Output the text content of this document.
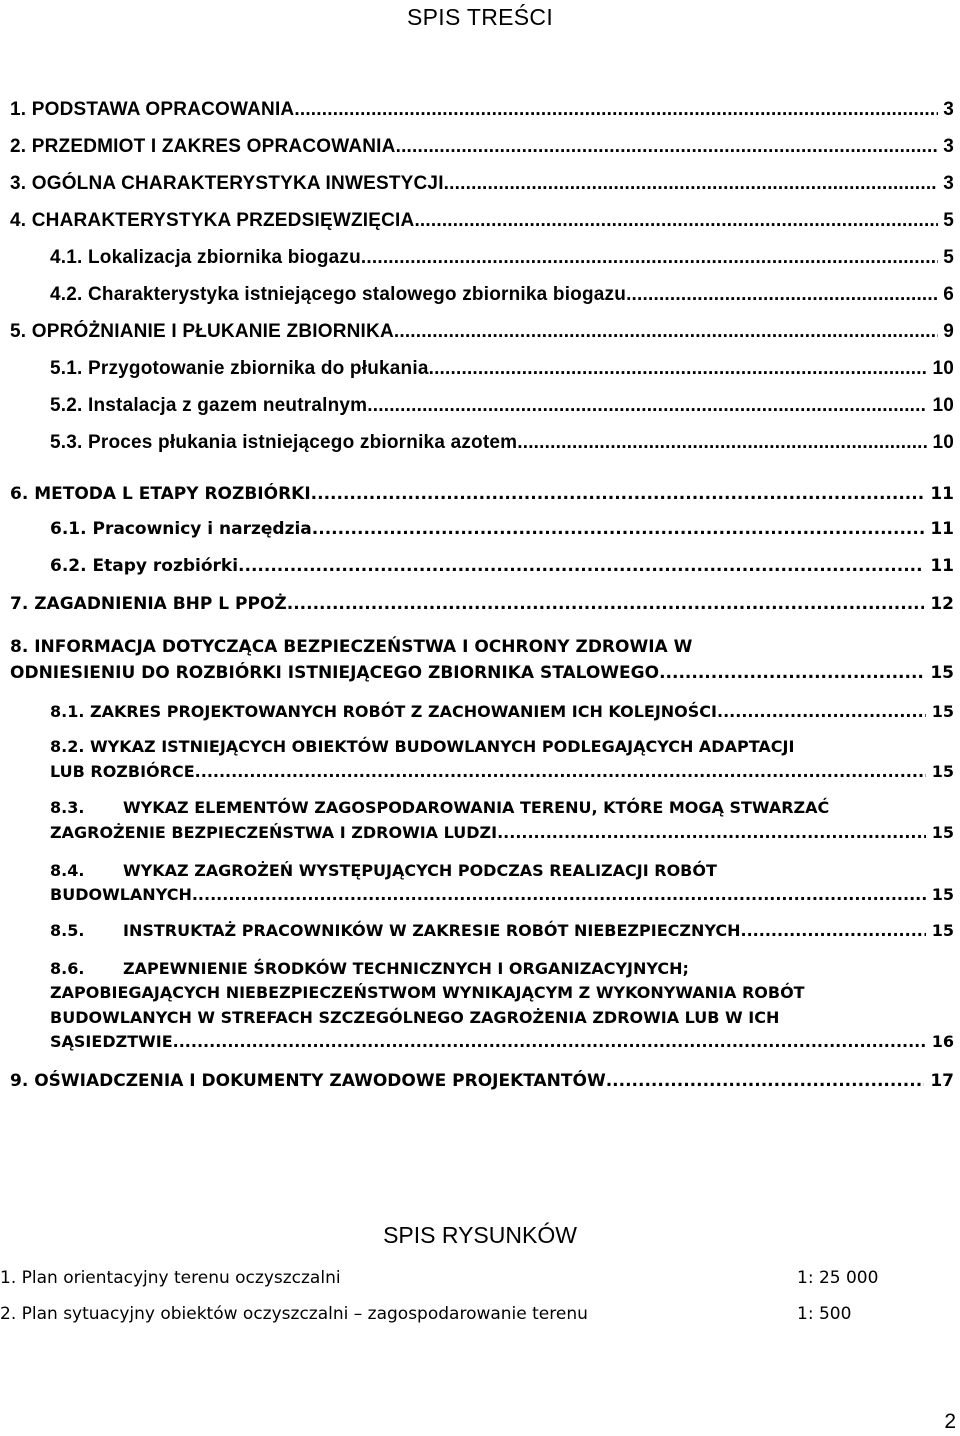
SPIS TREŚCI
1.
PODSTAWA OPRACOWANIA. .....
	3
2.
PRZEDMIOT I ZAKRES OPRACOWANIA. .....
	3
3.
OGÓLNA CHARAKTERYSTYKA INWESTYCJI. .....
	3
4.
CHARAKTERYSTYKA PRZEDSIĘWZIĘCIA .....
	5
4.1.
Lokalizacja zbiornika biogazu .....
	5
4.2.
Charakterystyka istniejącego stalowego zbiornika biogazu .....
	6
5.
OPRÓŻNIANIE I PŁUKANIE ZBIORNIKA. .....
	9
5.1.
Przygotowanie zbiornika do płukania .....
	10
5.2.
Instalacja z gazem neutralnym .....
	10
5.3.
Proces płukania istniejącego zbiornika azotem .....
	10
6.
METODA L ETAPY ROZBIÓRKI .....
	11
6.1.
Pracownicy i narzędzia .....
	11
6.2.
Etapy rozbiórki .....
	11
7.
ZAGADNIENIA BHP L PPOŻ .....
	12
8. INFORMACJA DOTYCZĄCA BEZPIECZEŃSTWA I OCHRONY ZDROWIA W
ODNIESIENIU DO ROZBIÓRKI ISTNIEJĄCEGO ZBIORNIKA STALOWEGO .....
	15
8.1.
ZAKRES PROJEKTOWANYCH ROBÓT Z ZACHOWANIEM ICH KOLEJNOŚCI .....
	15
8.2. WYKAZ ISTNIEJĄCYCH OBIEKTÓW BUDOWLANYCH PODLEGAJĄCYCH ADAPTACJI
LUB ROZBIÓRCE .....
	15
8.3. WYKAZ ELEMENTÓW ZAGOSPODAROWANIA TERENU, KTÓRE MOGĄ STWARZAĆ
ZAGROŻENIE BEZPIECZEŃSTWA I ZDROWIA LUDZI .....
	15
8.4. WYKAZ ZAGROŻEŃ WYSTĘPUJĄCYCH PODCZAS REALIZACJI ROBÓT
BUDOWLANYCH .....
	15
8.5.	INSTRUKTAŻ PRACOWNIKÓW W ZAKRESIE ROBÓT NIEBEZPIECZNYCH .....
	15
8.6. ZAPEWNIENIE ŚRODKÓW TECHNICZNYCH I ORGANIZACYJNYCH;
ZAPOBIEGAJĄCYCH NIEBEZPIECZEŃSTWOM WYNIKAJĄCYM Z WYKONYWANIA ROBÓT
BUDOWLANYCH W STREFACH SZCZEGÓLNEGO ZAGROŻENIA ZDROWIA LUB W ICH
SĄSIEDZTWIE .....
	16
9.
OŚWIADCZENIA I DOKUMENTY ZAWODOWE PROJEKTANTÓW .....
	17
SPIS RYSUNKÓW
1. Plan orientacyjny terenu oczyszczalni	1: 25 000
2. Plan sytuacyjny obiektów oczyszczalni – zagospodarowanie terenu	1: 500
2
